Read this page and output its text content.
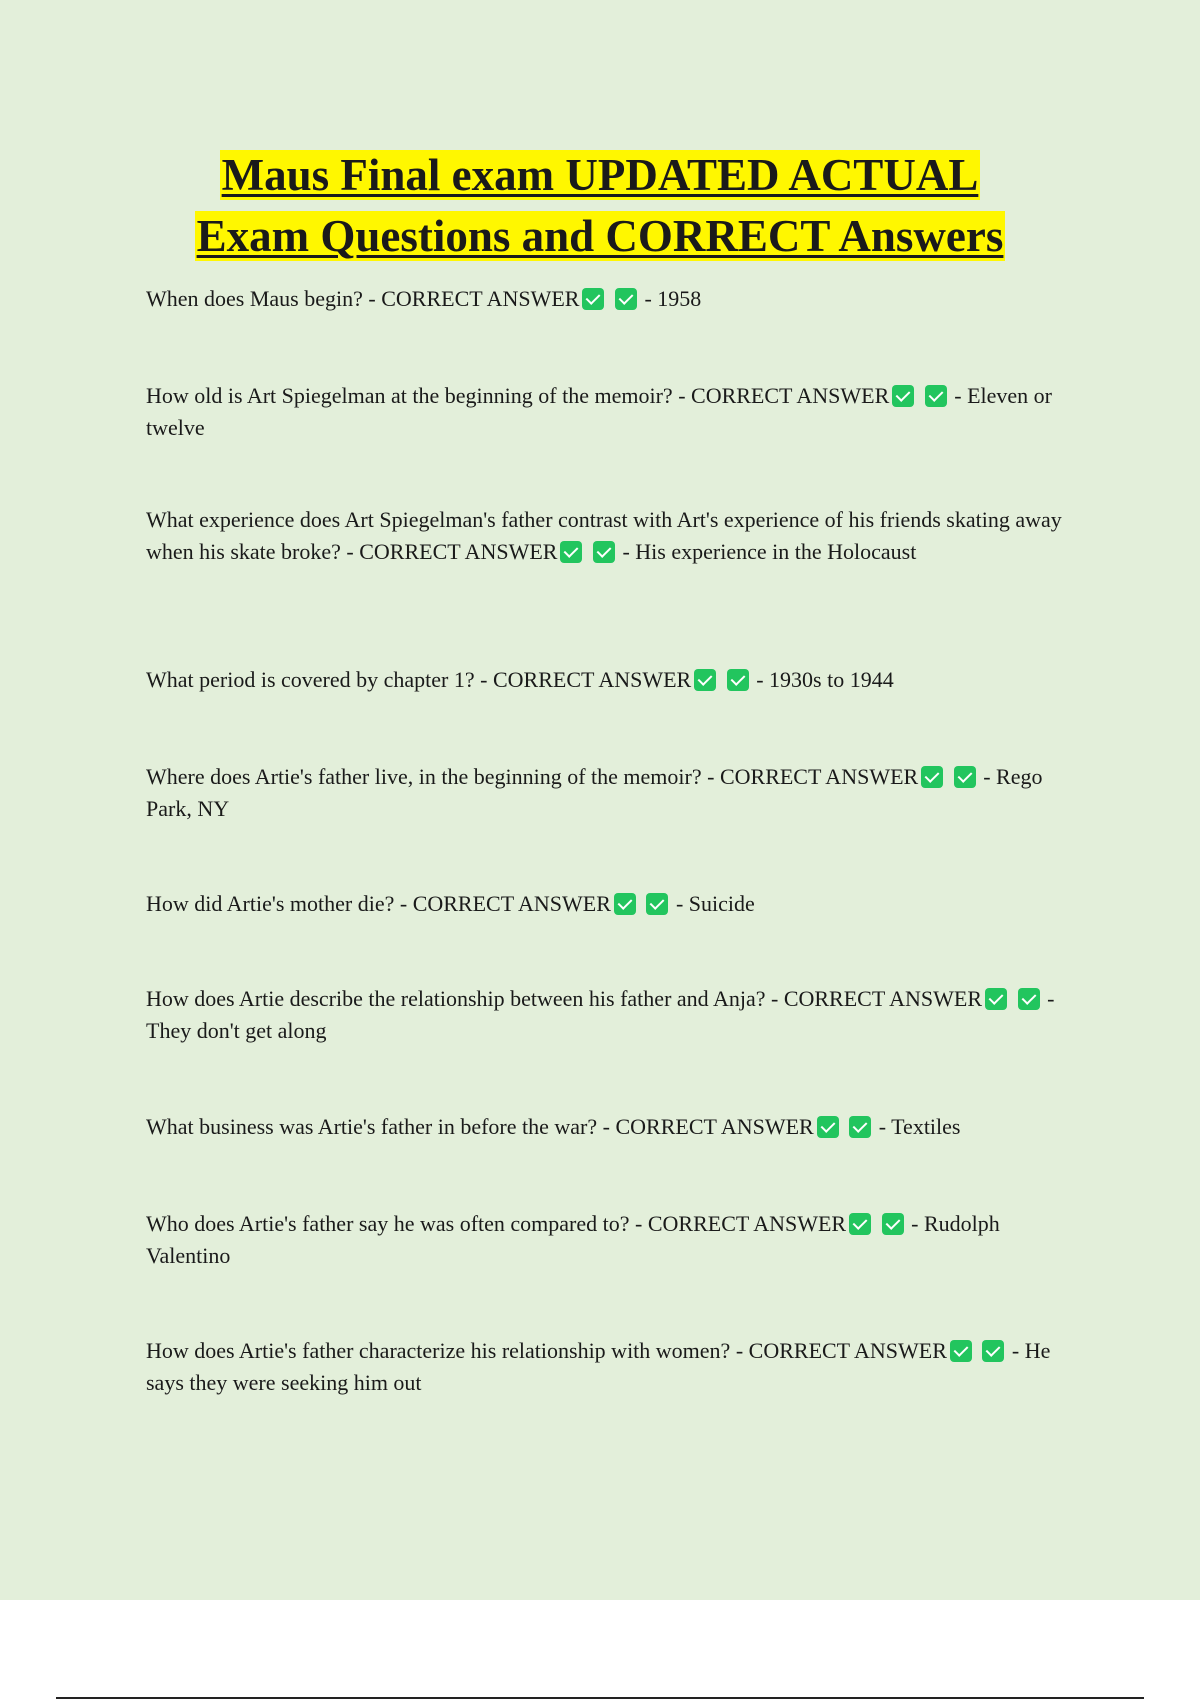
Maus Final exam UPDATED ACTUAL
Exam Questions and CORRECT Answers

When does Maus begin? - CORRECT ANSWER	- 1958

How old is Art Spiegelman at the beginning of the memoir? - CORRECT ANSWER	- Eleven or twelve

What experience does Art Spiegelman's father contrast with Art's experience of his friends skating away when his skate broke? - CORRECT ANSWER	- His experience in the Holocaust

What period is covered by chapter 1? - CORRECT ANSWER	- 1930s to 1944

Where does Artie's father live, in the beginning of the memoir? - CORRECT ANSWER	- Rego Park, NY

How did Artie's mother die? - CORRECT ANSWER	- Suicide

How does Artie describe the relationship between his father and Anja? - CORRECT ANSWER	- They don't get along

What business was Artie's father in before the war? - CORRECT ANSWER	- Textiles

Who does Artie's father say he was often compared to? - CORRECT ANSWER	- Rudolph Valentino

How does Artie's father characterize his relationship with women? - CORRECT ANSWER	- He says they were seeking him out
